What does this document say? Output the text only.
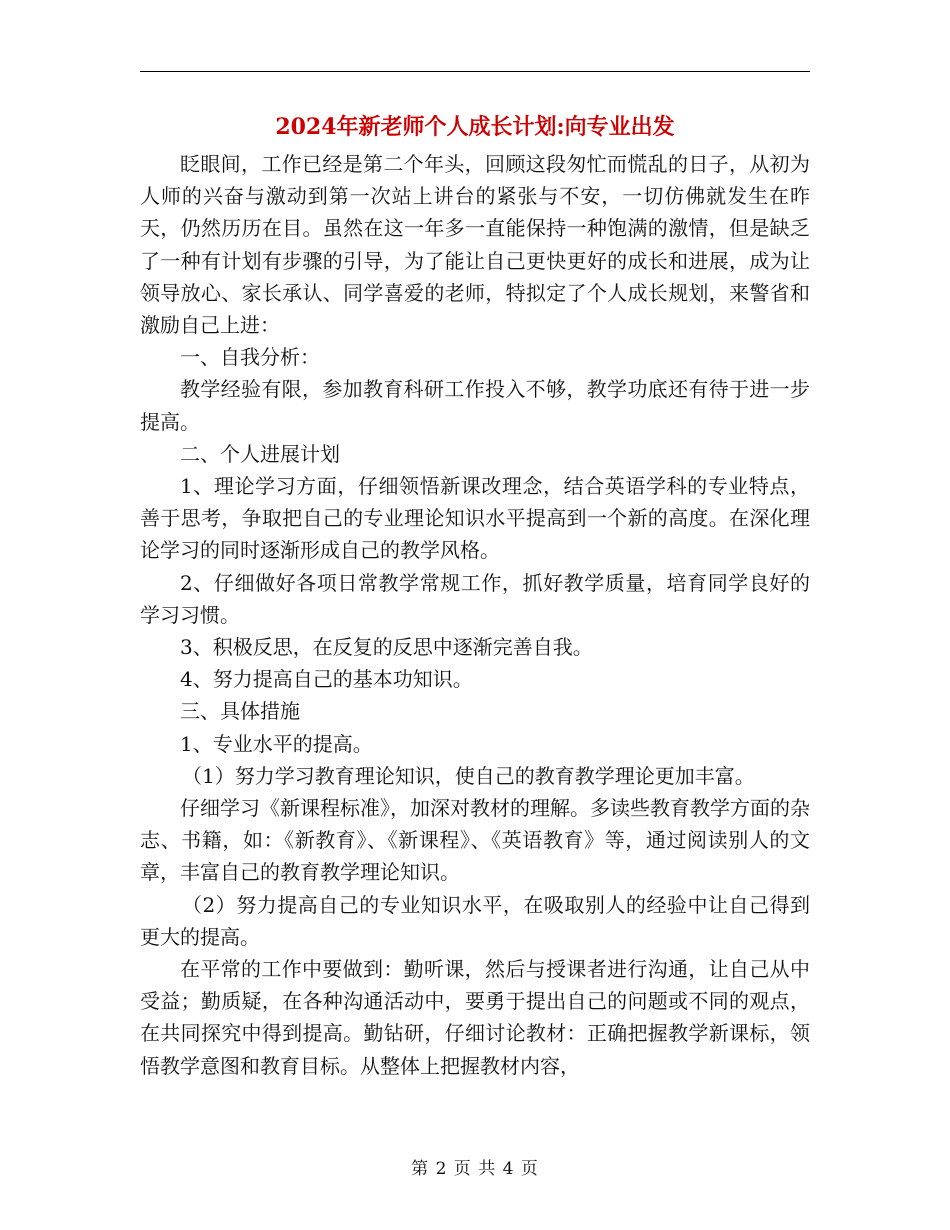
2024年新老师个人成长计划:向专业出发

眨眼间，工作已经是第二个年头，回顾这段匆忙而慌乱的日子，从初为人师的兴奋与激动到第一次站上讲台的紧张与不安，一切仿佛就发生在昨天，仍然历历在目。虽然在这一年多一直能保持一种饱满的激情，但是缺乏了一种有计划有步骤的引导，为了能让自己更快更好的成长和进展，成为让领导放心、家长承认、同学喜爱的老师，特拟定了个人成长规划，来警省和激励自己上进：

一、自我分析：

教学经验有限，参加教育科研工作投入不够，教学功底还有待于进一步提高。

二、个人进展计划

1、理论学习方面，仔细领悟新课改理念，结合英语学科的专业特点，善于思考，争取把自己的专业理论知识水平提高到一个新的高度。在深化理论学习的同时逐渐形成自己的教学风格。

2、仔细做好各项日常教学常规工作，抓好教学质量，培育同学良好的学习习惯。

3、积极反思，在反复的反思中逐渐完善自我。

4、努力提高自己的基本功知识。

三、具体措施

1、专业水平的提高。

（1）努力学习教育理论知识，使自己的教育教学理论更加丰富。

仔细学习《新课程标准》，加深对教材的理解。多读些教育教学方面的杂志、书籍，如：《新教育》、《新课程》、《英语教育》等，通过阅读别人的文章，丰富自己的教育教学理论知识。

（2）努力提高自己的专业知识水平，在吸取别人的经验中让自己得到更大的提高。

在平常的工作中要做到：勤听课，然后与授课者进行沟通，让自己从中受益；勤质疑，在各种沟通活动中，要勇于提出自己的问题或不同的观点，在共同探究中得到提高。勤钻研，仔细讨论教材：正确把握教学新课标，领悟教学意图和教育目标。从整体上把握教材内容，

第 2 页 共 4 页
